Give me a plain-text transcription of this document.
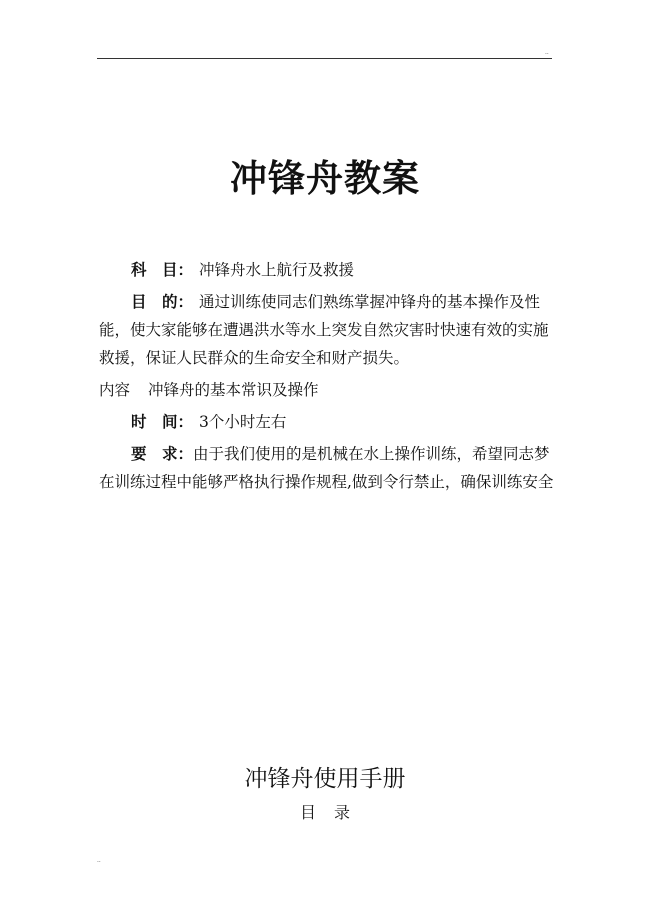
..
冲锋舟教案

科　目： 冲锋舟水上航行及救援

目　的： 通过训练使同志们熟练掌握冲锋舟的基本操作及性能，使大家能够在遭遇洪水等水上突发自然灾害时快速有效的实施救援，保证人民群众的生命安全和财产损失。

内容 冲锋舟的基本常识及操作

时　间： 3个小时左右

要　求：由于我们使用的是机械在水上操作训练，希望同志梦在训练过程中能够严格执行操作规程,做到令行禁止，确保训练安全

冲锋舟使用手册
目录
..
